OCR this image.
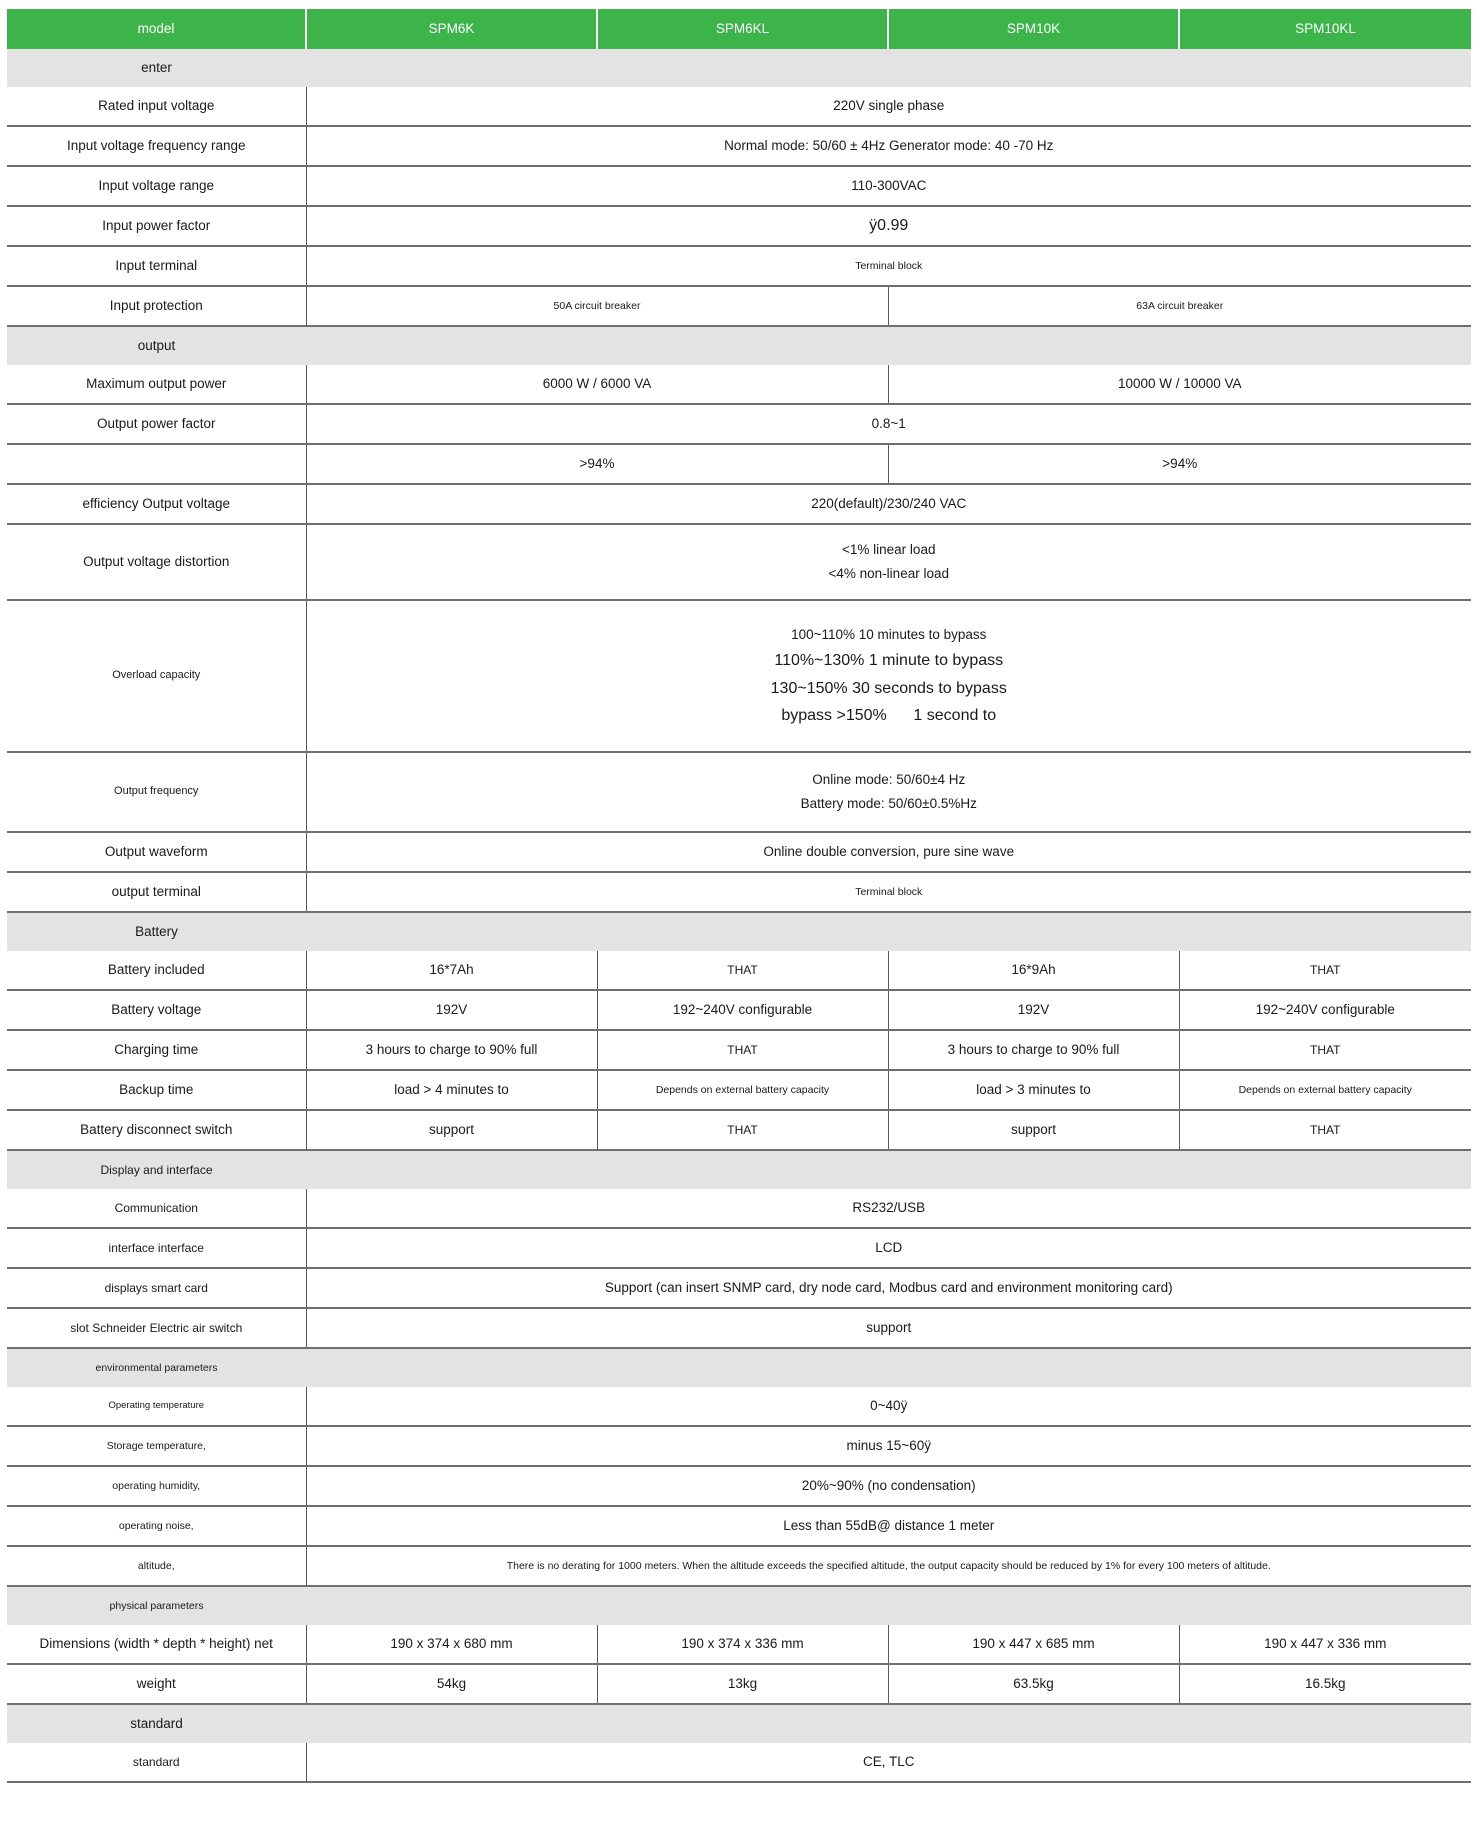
model	SPM6K	SPM6KL	SPM10K	SPM10KL
enter				
Rated input voltage	220V single phase			
Input voltage frequency range	Normal mode: 50/60 ± 4Hz Generator mode: 40 -70 Hz			
Input voltage range	110-300VAC			
Input power factor	ÿ0.99			
Input terminal	Terminal block			
Input protection	50A circuit breaker		63A circuit breaker	
output				
Maximum output power	6000 W / 6000 VA		10000 W / 10000 VA	
Output power factor	0.8~1			
	>94%		>94%	
efficiency Output voltage	220(default)/230/240 VAC			
Output voltage distortion	<1% linear load
<4% non-linear load			

Overload capacity	100~110% 10 minutes to bypass
110%~130% 1 minute to bypass
130~150% 30 seconds to bypass
bypass >150%      1 second to			

Output frequency	Online mode: 50/60±4 Hz
Battery mode: 50/60±0.5%Hz			

Output waveform	Online double conversion, pure sine wave			
output terminal	Terminal block			
Battery				
Battery included	16*7Ah	THAT	16*9Ah	THAT
Battery voltage	192V	192~240V configurable	192V	192~240V configurable
Charging time	3 hours to charge to 90% full	THAT	3 hours to charge to 90% full	THAT
Backup time	load > 4 minutes to	Depends on external battery capacity	load > 3 minutes to	Depends on external battery capacity
Battery disconnect switch	support	THAT	support	THAT
Display and interface				
Communication	RS232/USB			
interface interface	LCD			
displays smart card	Support (can insert SNMP card, dry node card, Modbus card and environment monitoring card)			
slot Schneider Electric air switch	support			
environmental parameters				
Operating temperature	0~40ÿ			
Storage temperature,	minus 15~60ÿ			
operating humidity,	20%~90% (no condensation)			
operating noise,	Less than 55dB@ distance 1 meter			
altitude,	There is no derating for 1000 meters. When the altitude exceeds the specified altitude, the output capacity should be reduced by 1% for every 100 meters of altitude.			
physical parameters				
Dimensions (width * depth * height) net	190 x 374 x 680 mm	190 x 374 x 336 mm	190 x 447 x 685 mm	190 x 447 x 336 mm
weight	54kg	13kg	63.5kg	16.5kg
standard				
standard	CE, TLC			
